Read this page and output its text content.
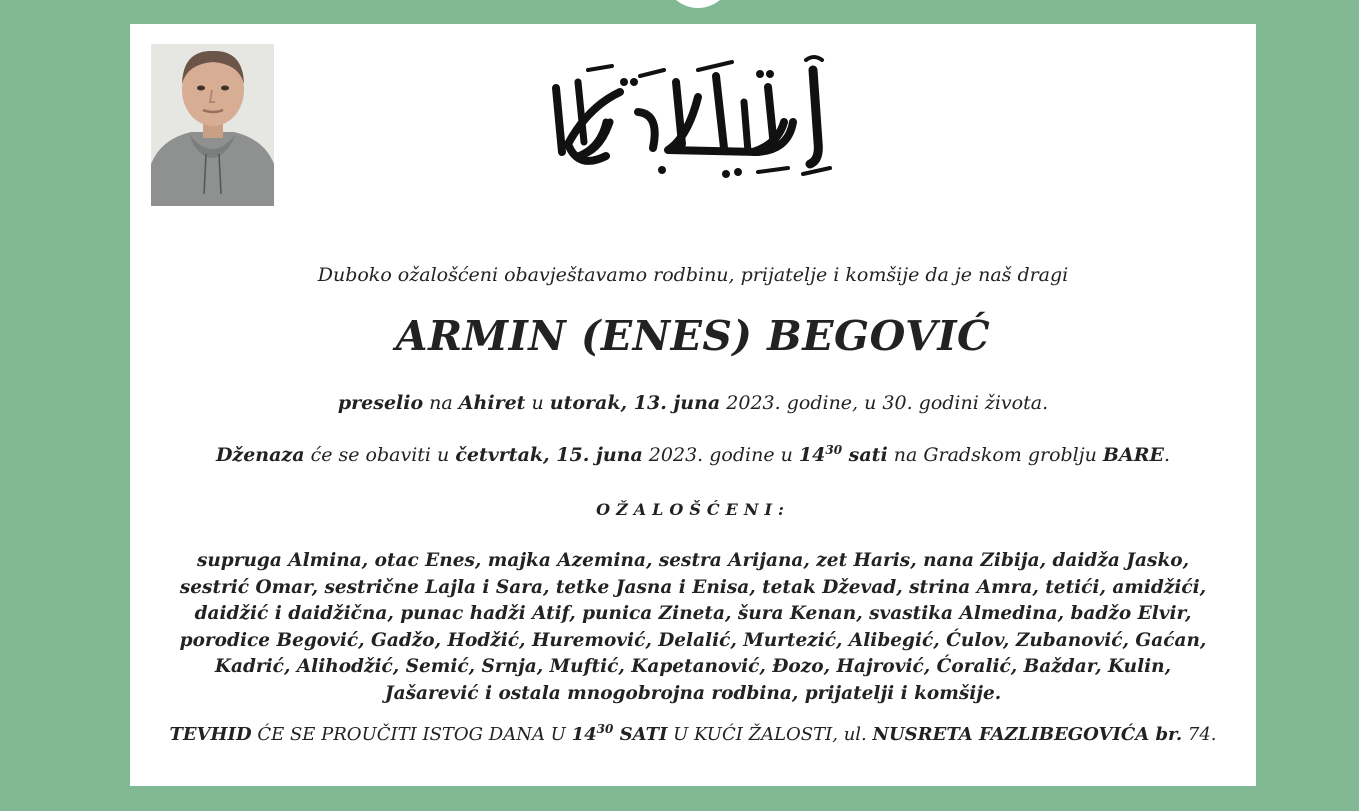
Duboko ožalošćeni obavještavamo rodbinu, prijatelje i komšije da je naš dragi
ARMIN (ENES) BEGOVIĆ
preselio na Ahiret u utorak, 13. juna 2023. godine, u 30. godini života.
Dženaza će se obaviti u četvrtak, 15. juna 2023. godine u $14^{30}$ sati na Gradskom groblju BARE.
OŽALOŠĆENI:
supruga Almina, otac Enes, majka Azemina, sestra Arijana, zet Haris, nana Zibija, daidža Jasko,
sestrić Omar, sestrične Lajla i Sara, tetke Jasna i Enisa, tetak Dževad, strina Amra, tetići, amidžići,
daidžić i daidžična, punac hadži Atif, punica Zineta, šura Kenan, svastika Almedina, badžo Elvir,
porodice Begović, Gadžo, Hodžić, Huremović, Delalić, Murtezić, Alibegić, Ćulov, Zubanović, Gaćan,
Kadrić, Alihodžić, Semić, Srnja, Muftić, Kapetanović, Đozo, Hajrović, Ćoralić, Baždar, Kulin,
Jašarević i ostala mnogobrojna rodbina, prijatelji i komšije.
TEVHID ĆE SE PROUČITI ISTOG DANA U $14^{30}$ SATI U KUĆI ŽALOSTI, ul. NUSRETA FAZLIBEGOVIĆA br. 74.
